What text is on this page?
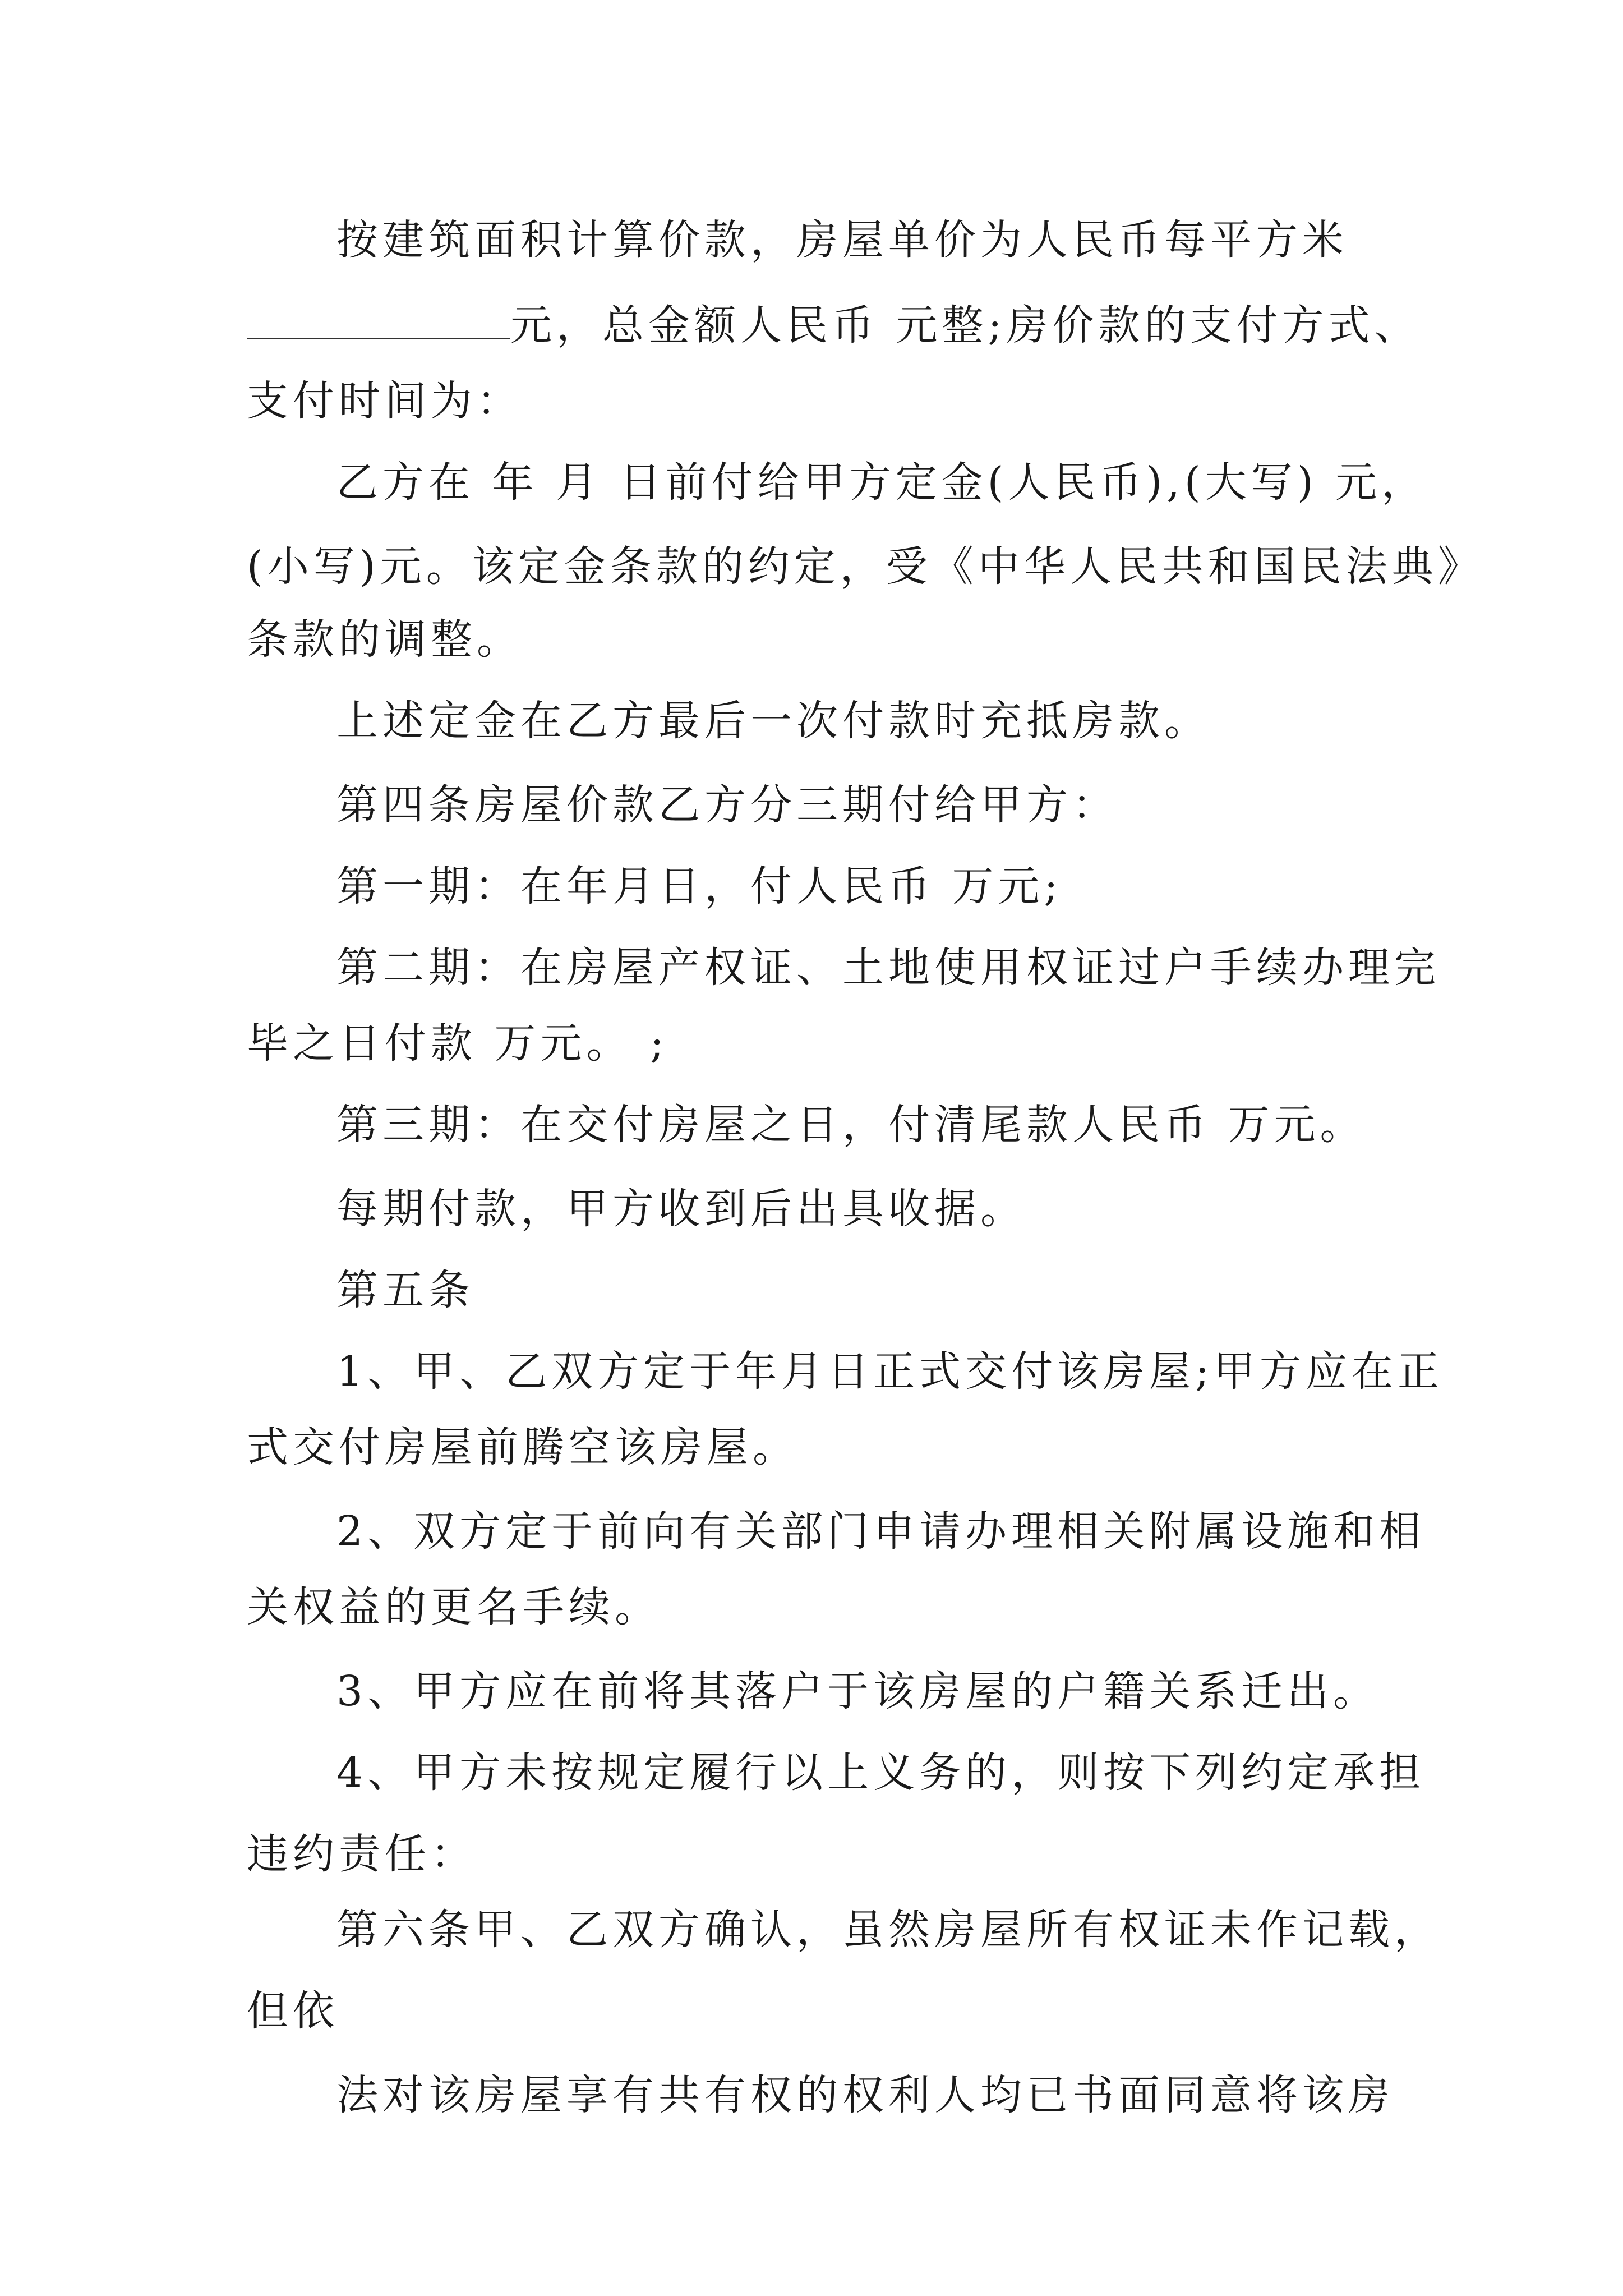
按建筑面积计算价款，房屋单价为人民币每平方米
元，总金额人民币 元整;房价款的支付方式、
支付时间为：
乙方在 年 月 日前付给甲方定金(人民币),(大写) 元，
(小写)元。该定金条款的约定，受《中华人民共和国民法典》
条款的调整。
上述定金在乙方最后一次付款时充抵房款。
第四条房屋价款乙方分三期付给甲方：
第一期：在年月日，付人民币 万元;
第二期：在房屋产权证、土地使用权证过户手续办理完
毕之日付款 万元。 ;
第三期：在交付房屋之日，付清尾款人民币 万元。
每期付款，甲方收到后出具收据。
第五条
1、甲、乙双方定于年月日正式交付该房屋;甲方应在正
式交付房屋前腾空该房屋。
2、双方定于前向有关部门申请办理相关附属设施和相
关权益的更名手续。
3、甲方应在前将其落户于该房屋的户籍关系迁出。
4、甲方未按规定履行以上义务的，则按下列约定承担
违约责任：
第六条甲、乙双方确认，虽然房屋所有权证未作记载，
但依
法对该房屋享有共有权的权利人均已书面同意将该房
